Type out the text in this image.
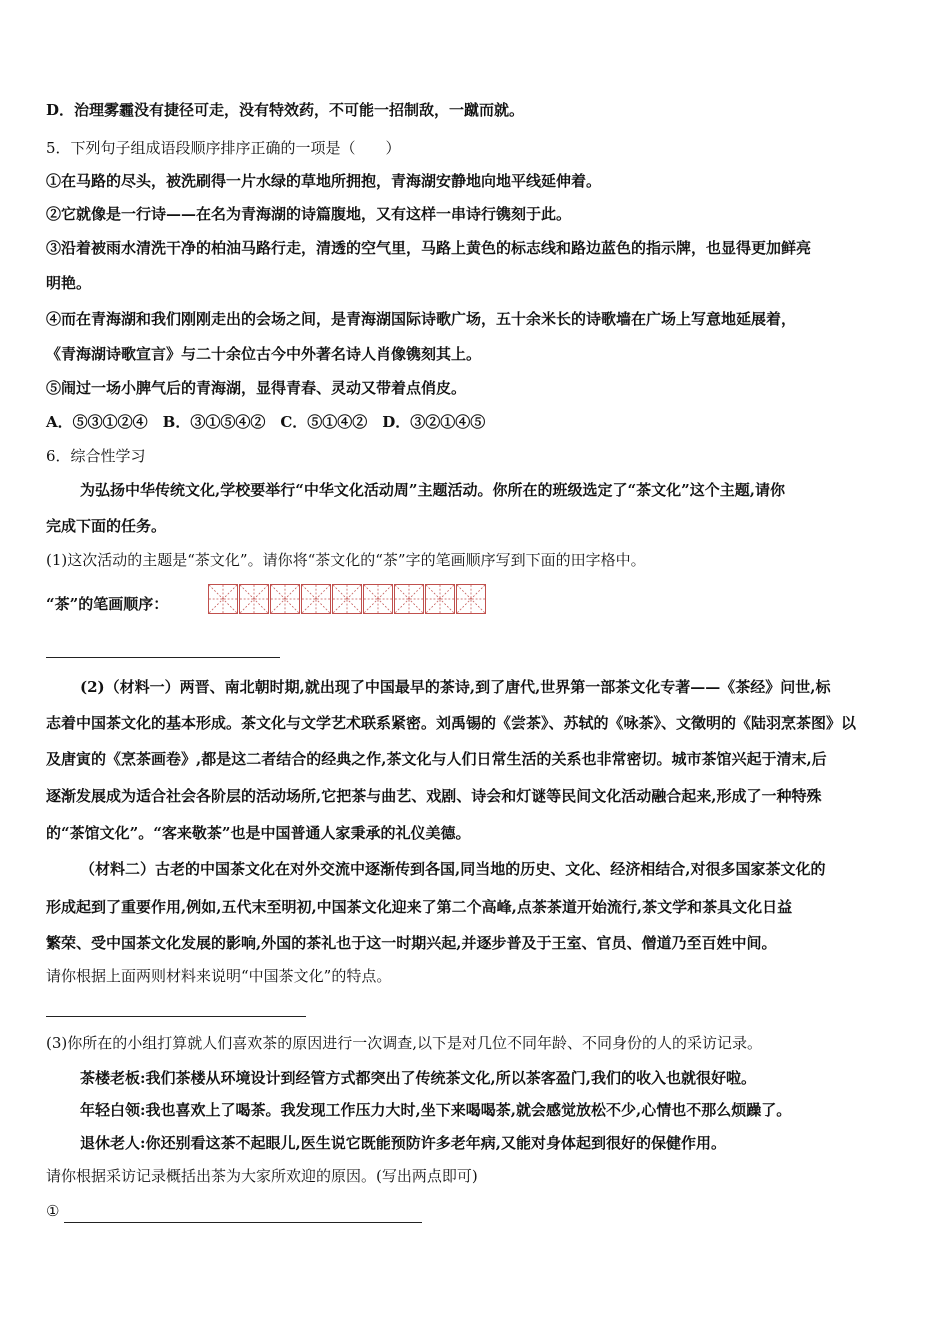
D．治理雾霾没有捷径可走，没有特效药，不可能一招制敌，一蹴而就。
5．下列句子组成语段顺序排序正确的一项是（　　）
①在马路的尽头，被洗刷得一片水绿的草地所拥抱，青海湖安静地向地平线延伸着。
②它就像是一行诗——在名为青海湖的诗篇腹地，又有这样一串诗行镌刻于此。
③沿着被雨水清洗干净的柏油马路行走，清透的空气里，马路上黄色的标志线和路边蓝色的指示牌，也显得更加鲜亮
明艳。
④而在青海湖和我们刚刚走出的会场之间，是青海湖国际诗歌广场，五十余米长的诗歌墙在广场上写意地延展着，
《青海湖诗歌宣言》与二十余位古今中外著名诗人肖像镌刻其上。
⑤闹过一场小脾气后的青海湖，显得青春、灵动又带着点俏皮。
A．⑤③①②④　B．③①⑤④②　C．⑤①④②　D．③②①④⑤
6．综合性学习
为弘扬中华传统文化,学校要举行“中华文化活动周”主题活动。你所在的班级选定了“茶文化”这个主题,请你
完成下面的任务。
(1)这次活动的主题是“茶文化”。请你将“茶文化的“茶”字的笔画顺序写到下面的田字格中。
“茶”的笔画顺序：
(2)（材料一）两晋、南北朝时期,就出现了中国最早的茶诗,到了唐代,世界第一部茶文化专著——《茶经》问世,标
志着中国茶文化的基本形成。茶文化与文学艺术联系紧密。刘禹锡的《尝茶》、苏轼的《咏茶》、文徵明的《陆羽烹茶图》以
及唐寅的《烹茶画卷》,都是这二者结合的经典之作,茶文化与人们日常生活的关系也非常密切。城市茶馆兴起于清末,后
逐渐发展成为适合社会各阶层的活动场所,它把茶与曲艺、戏剧、诗会和灯谜等民间文化活动融合起来,形成了一种特殊
的“茶馆文化”。“客来敬茶”也是中国普通人家秉承的礼仪美德。
（材料二）古老的中国茶文化在对外交流中逐渐传到各国,同当地的历史、文化、经济相结合,对很多国家茶文化的
形成起到了重要作用,例如,五代末至明初,中国茶文化迎来了第二个高峰,点茶茶道开始流行,茶文学和茶具文化日益
繁荣、受中国茶文化发展的影响,外国的茶礼也于这一时期兴起,并逐步普及于王室、官员、僧道乃至百姓中间。
请你根据上面两则材料来说明“中国茶文化”的特点。
(3)你所在的小组打算就人们喜欢茶的原因进行一次调查,以下是对几位不同年龄、不同身份的人的采访记录。
茶楼老板:我们茶楼从环境设计到经管方式都突出了传统茶文化,所以茶客盈门,我们的收入也就很好啦。
年轻白领:我也喜欢上了喝茶。我发现工作压力大时,坐下来喝喝茶,就会感觉放松不少,心情也不那么烦躁了。
退休老人:你还别看这茶不起眼儿,医生说它既能预防许多老年病,又能对身体起到很好的保健作用。
请你根据采访记录概括出茶为大家所欢迎的原因。(写出两点即可)
①
